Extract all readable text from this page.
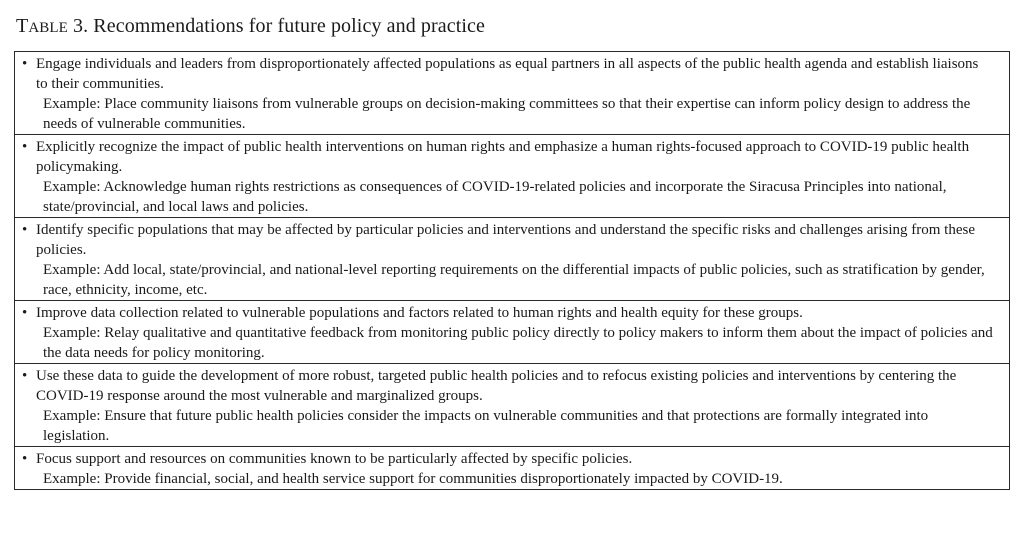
TABLE 3. Recommendations for future policy and practice
• Engage individuals and leaders from disproportionately affected populations as equal partners in all aspects of the public health agenda and establish liaisons to their communities.
Example: Place community liaisons from vulnerable groups on decision-making committees so that their expertise can inform policy design to address the needs of vulnerable communities.
• Explicitly recognize the impact of public health interventions on human rights and emphasize a human rights-focused approach to COVID-19 public health policymaking.
Example: Acknowledge human rights restrictions as consequences of COVID-19-related policies and incorporate the Siracusa Principles into national, state/provincial, and local laws and policies.
• Identify specific populations that may be affected by particular policies and interventions and understand the specific risks and challenges arising from these policies.
Example: Add local, state/provincial, and national-level reporting requirements on the differential impacts of public policies, such as stratification by gender, race, ethnicity, income, etc.
• Improve data collection related to vulnerable populations and factors related to human rights and health equity for these groups.
Example: Relay qualitative and quantitative feedback from monitoring public policy directly to policy makers to inform them about the impact of policies and the data needs for policy monitoring.
• Use these data to guide the development of more robust, targeted public health policies and to refocus existing policies and interventions by centering the COVID-19 response around the most vulnerable and marginalized groups.
Example: Ensure that future public health policies consider the impacts on vulnerable communities and that protections are formally integrated into legislation.
• Focus support and resources on communities known to be particularly affected by specific policies.
Example: Provide financial, social, and health service support for communities disproportionately impacted by COVID-19.
